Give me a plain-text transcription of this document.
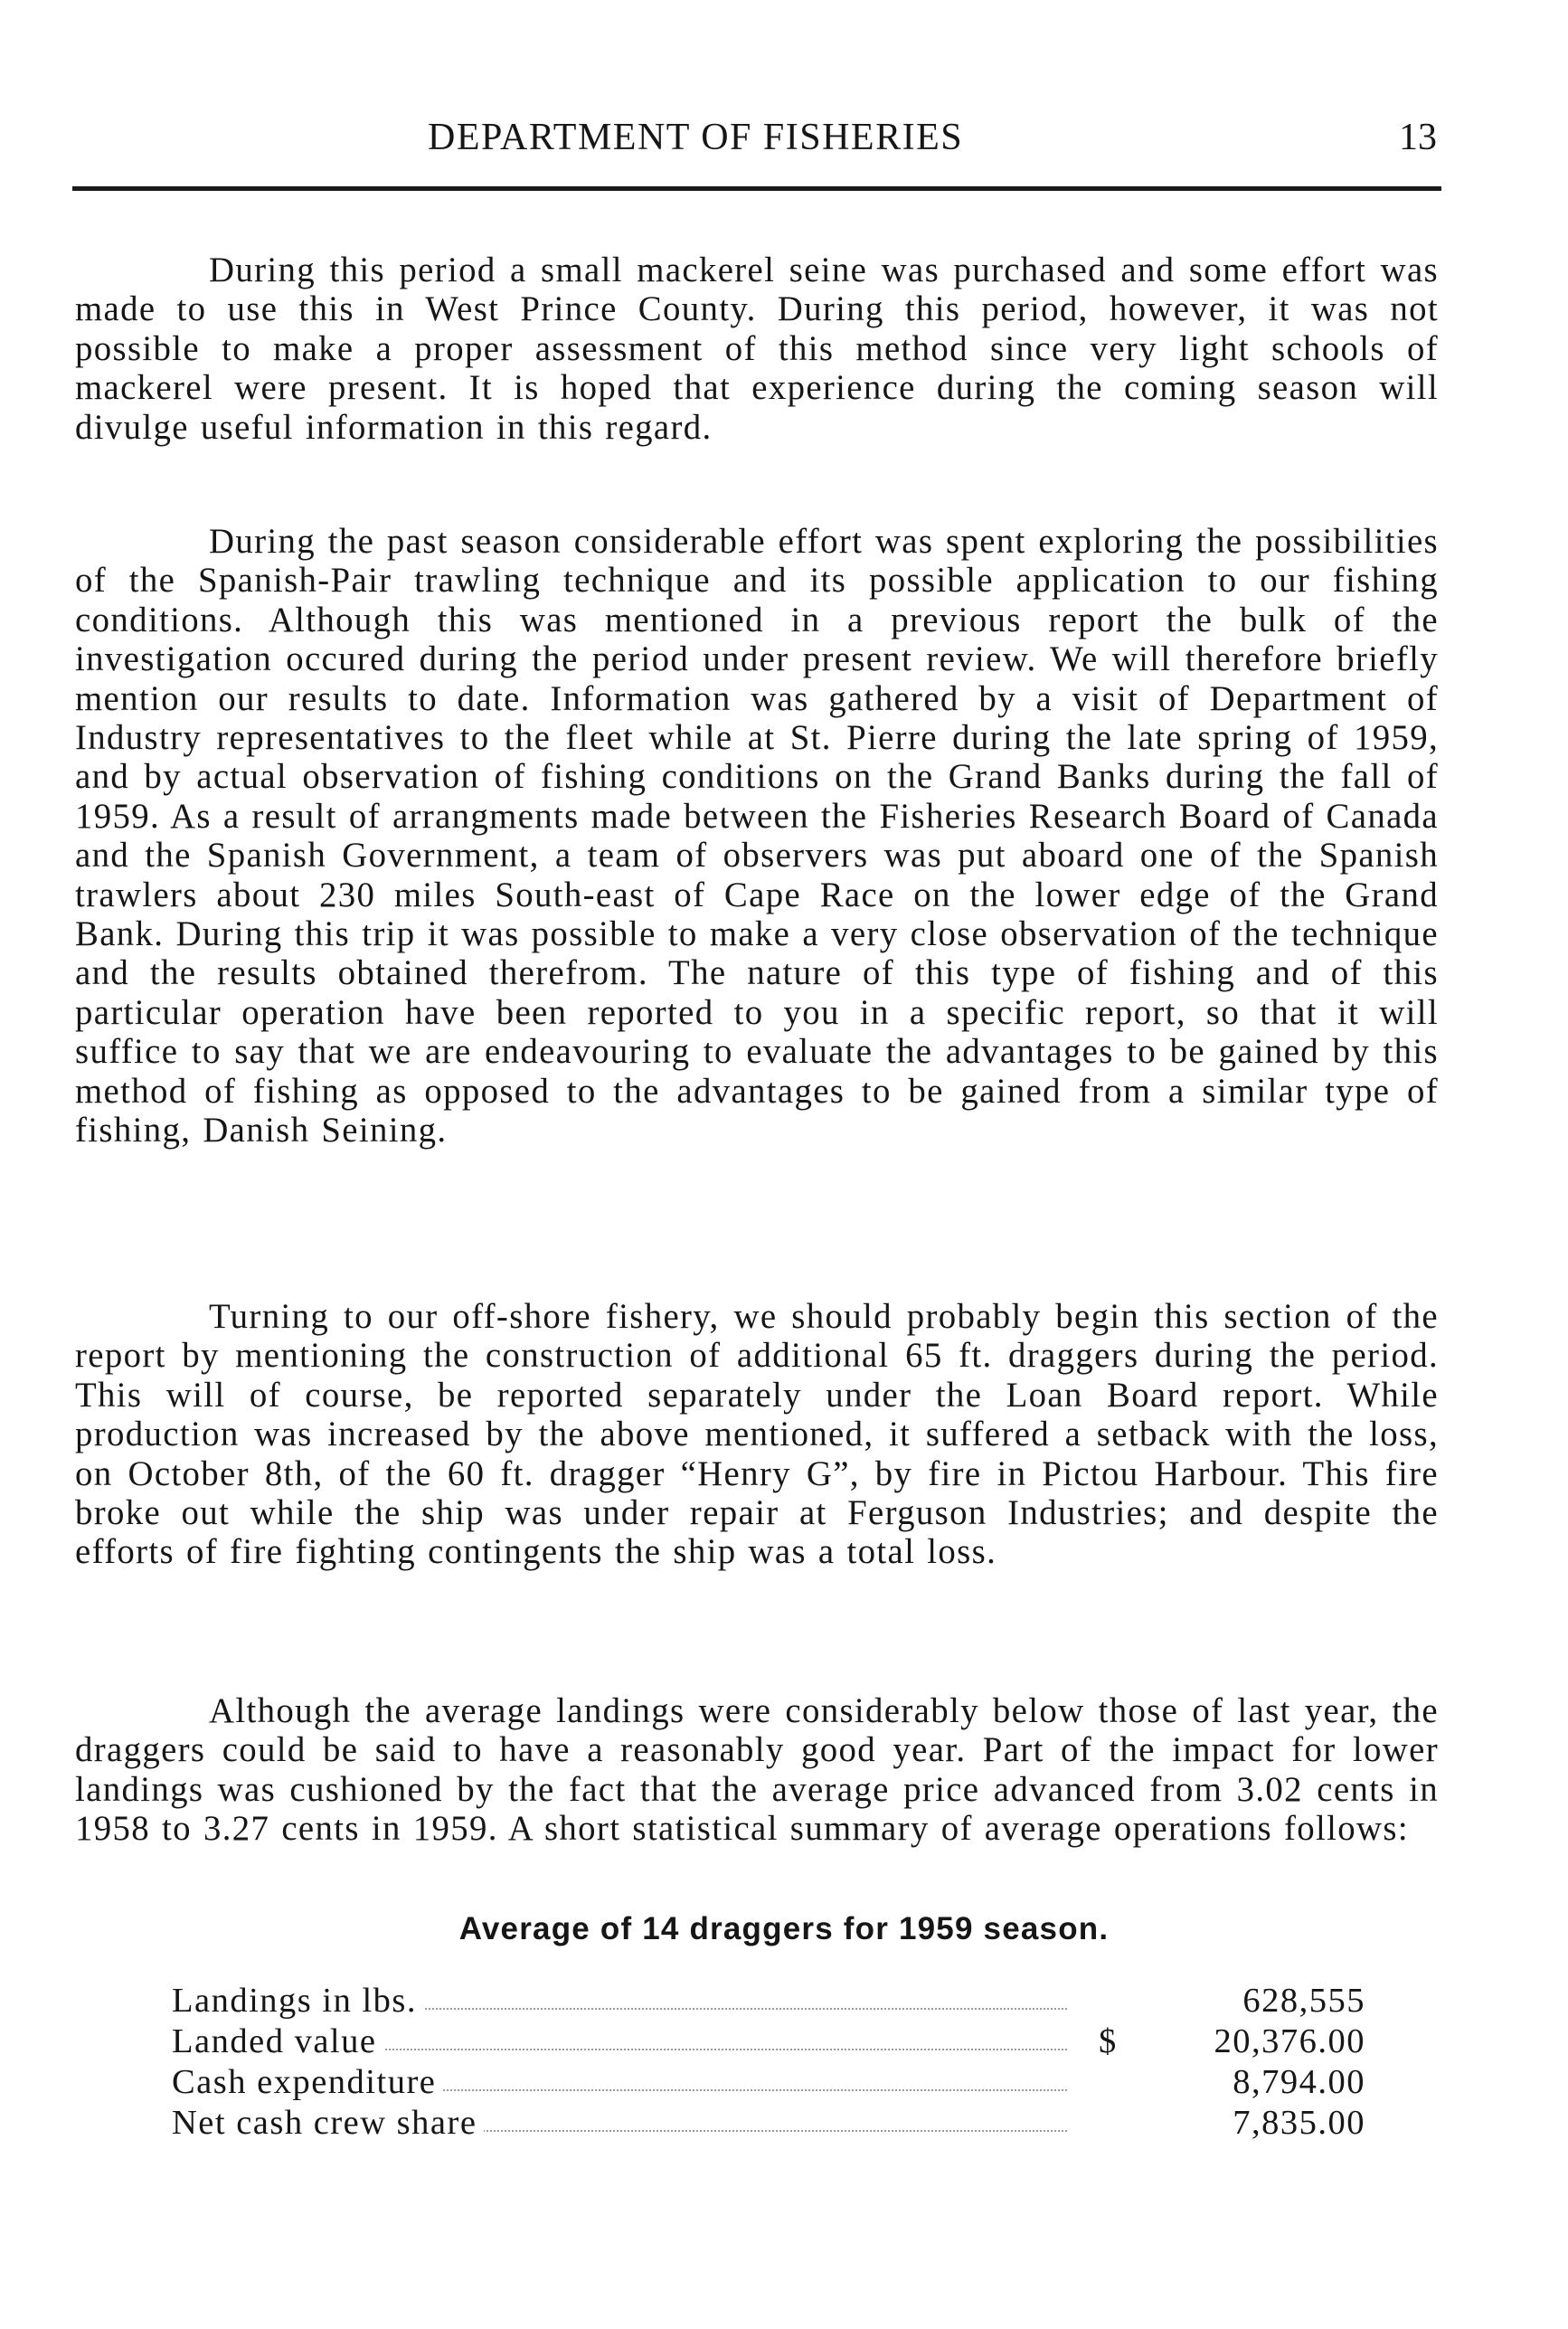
DEPARTMENT OF FISHERIES	13

During this period a small mackerel seine was purchased and some effort was made to use this in West Prince County. During this period, however, it was not possible to make a proper assessment of this method since very light schools of mackerel were present. It is hoped that experience during the coming season will divulge useful information in this regard.

During the past season considerable effort was spent exploring the possibilities of the Spanish-Pair trawling technique and its possible application to our fishing conditions. Although this was mentioned in a previous report the bulk of the investigation occured during the period under present review. We will therefore briefly mention our results to date. Information was gathered by a visit of Department of Industry representatives to the fleet while at St. Pierre during the late spring of 1959, and by actual observation of fishing conditions on the Grand Banks during the fall of 1959. As a result of arrangments made between the Fisheries Research Board of Canada and the Spanish Government, a team of observers was put aboard one of the Spanish trawlers about 230 miles South-east of Cape Race on the lower edge of the Grand Bank. During this trip it was possible to make a very close observation of the technique and the results obtained therefrom. The nature of this type of fishing and of this particular operation have been reported to you in a specific report, so that it will suffice to say that we are endeavouring to evaluate the advantages to be gained by this method of fishing as opposed to the advantages to be gained from a similar type of fishing, Danish Seining.

Turning to our off-shore fishery, we should probably begin this section of the report by mentioning the construction of additional 65 ft. draggers during the period. This will of course, be reported separately under the Loan Board report. While production was increased by the above mentioned, it suffered a setback with the loss, on October 8th, of the 60 ft. dragger “Henry G”, by fire in Pictou Harbour. This fire broke out while the ship was under repair at Ferguson Industries; and despite the efforts of fire fighting contingents the ship was a total loss.

Although the average landings were considerably below those of last year, the draggers could be said to have a reasonably good year. Part of the impact for lower landings was cushioned by the fact that the average price advanced from 3.02 cents in 1958 to 3.27 cents in 1959. A short statistical summary of average operations follows:

Average of 14 draggers for 1959 season.
Landings in lbs.	628,555
Landed value	$	20,376.00
Cash expenditure	8,794.00
Net cash crew share	7,835.00
